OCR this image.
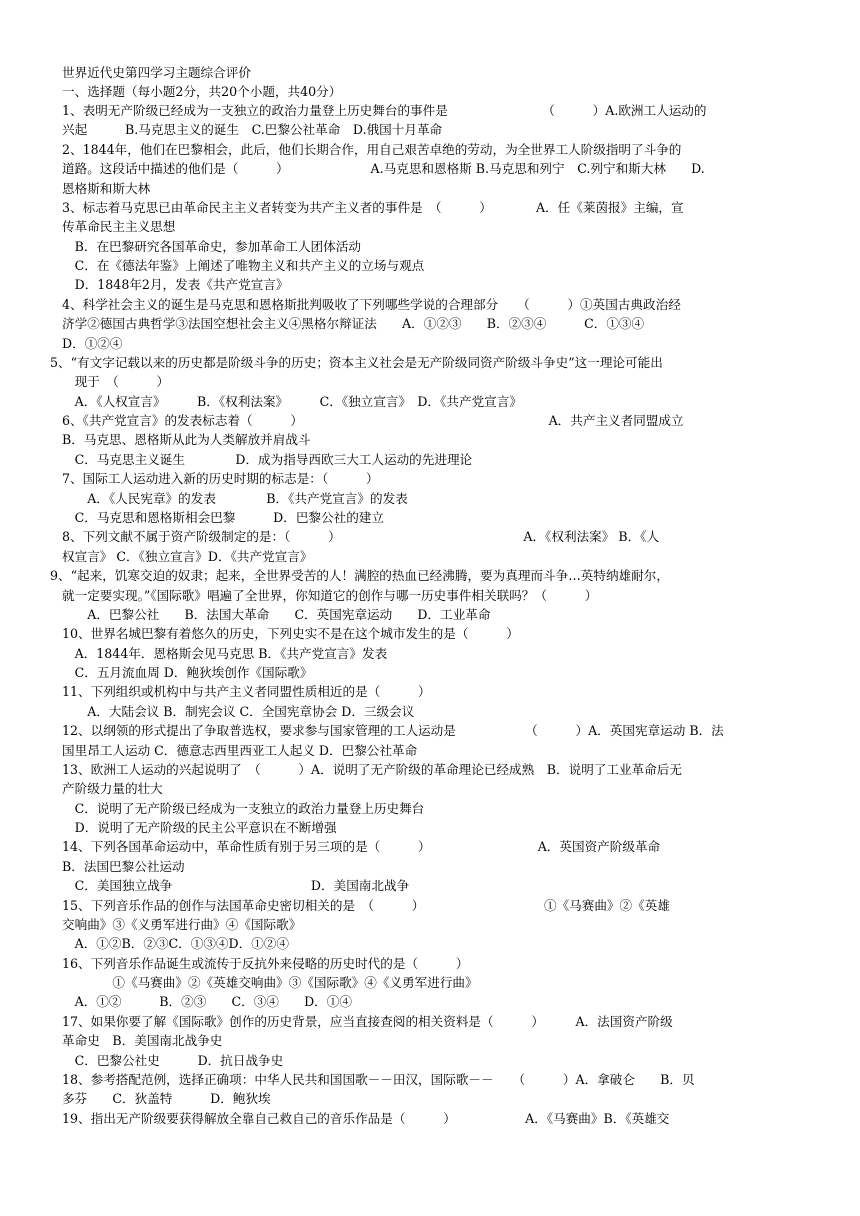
世界近代史第四学习主题综合评价
一、选择题（每小题2分，共20个小题，共40分）
1、表明无产阶级已经成为一支独立的政治力量登上历史舞台的事件是　　　　　　　　（　　　）A.欧洲工人运动的
兴起　　　B.马克思主义的诞生　C.巴黎公社革命　D.俄国十月革命
2、1844年，他们在巴黎相会，此后，他们长期合作，用自己艰苦卓绝的劳动，为全世界工人阶级指明了斗争的
道路。这段话中描述的他们是（　　　）　　　　　　　A.马克思和恩格斯 B.马克思和列宁　C.列宁和斯大林　　D.
恩格斯和斯大林
3、标志着马克思已由革命民主主义者转变为共产主义者的事件是　（　　　）　　　　A．任《莱茵报》主编，宣
传革命民主主义思想
　B．在巴黎研究各国革命史，参加革命工人团体活动
　C．在《德法年鉴》上阐述了唯物主义和共产主义的立场与观点
　D．1848年2月，发表《共产党宣言》
4、科学社会主义的诞生是马克思和恩格斯批判吸收了下列哪些学说的合理部分　　（　　　）①英国古典政治经
济学②德国古典哲学③法国空想社会主义④黑格尔辩证法　　A．①②③　　B．②③④　　　C．①③④
D．①②④
5、“有文字记载以来的历史都是阶级斗争的历史；资本主义社会是无产阶级同资产阶级斗争史”这一理论可能出
　现于　（　　　）
　A．《人权宣言》　　　B．《权利法案》　　　C．《独立宣言》　D．《共产党宣言》
6、《共产党宣言》的发表标志着（　　　）　　　　　　　　　　　　　　　　　　　　A．共产主义者同盟成立
B．马克思、恩格斯从此为人类解放并肩战斗
　C．马克思主义诞生　　　　D．成为指导西欧三大工人运动的先进理论
7、国际工人运动进入新的历史时期的标志是：（　　　）
　　A．《人民宪章》的发表　　　　B．《共产党宣言》的发表
　C．马克思和恩格斯相会巴黎　　　D．巴黎公社的建立
8、下列文献不属于资产阶级制定的是：（　　　）　　　　　　　　　　　　　　　A．《权利法案》 B．《人
权宣言》 C．《独立宣言》D．《共产党宣言》
9、“起来，饥寒交迫的奴隶；起来，全世界受苦的人！满腔的热血已经沸腾，要为真理而斗争…英特纳雄耐尔，
就一定要实现。”《国际歌》唱遍了全世界，你知道它的创作与哪一历史事件相关联吗？（　　　）
　　A．巴黎公社　　B．法国大革命　　C．英国宪章运动　　D．工业革命
10、世界名城巴黎有着悠久的历史，下列史实不是在这个城市发生的是（　　　）
　A．1844年．恩格斯会见马克思 B．《共产党宣言》发表
　C．五月流血周 D．鲍狄埃创作《国际歌》
11、下列组织或机构中与共产主义者同盟性质相近的是（　　　）
　　A．大陆会议 B．制宪会议 C．全国宪章协会 D．三级会议
12、以纲领的形式提出了争取普选权，要求参与国家管理的工人运动是　　　　　　（　　　）A．英国宪章运动 B．法
国里昂工人运动 C．德意志西里西亚工人起义 D．巴黎公社革命
13、欧洲工人运动的兴起说明了　（　　　）A．说明了无产阶级的革命理论已经成熟　B．说明了工业革命后无
产阶级力量的壮大
　C．说明了无产阶级已经成为一支独立的政治力量登上历史舞台
　D．说明了无产阶级的民主公平意识在不断增强
14、下列各国革命运动中，革命性质有别于另三项的是（　　　）　　　　　　　　　A．英国资产阶级革命
B．法国巴黎公社运动
　C．美国独立战争　　　　　　　　　　　D．美国南北战争
15、下列音乐作品的创作与法国革命史密切相关的是　（　　　）　　　　　　　　　　①《马赛曲》②《英雄
交响曲》③《义勇军进行曲》④《国际歌》
　A．①②B．②③C．①③④D．①②④
16、下列音乐作品诞生或流传于反抗外来侵略的历史时代的是（　　　）
　　　　①《马赛曲》②《英雄交响曲》③《国际歌》④《义勇军进行曲》
　A．①②　　　B．②③　　C．③④　　D．①④
17、如果你要了解《国际歌》创作的历史背景，应当直接查阅的相关资料是（　　　）　　　A．法国资产阶级
革命史　B．美国南北战争史
　C．巴黎公社史　　　D．抗日战争史
18、参考搭配范例，选择正确项：中华人民共和国国歌－－田汉，国际歌－－　　（　　　）A．拿破仑　　B．贝
多芬　　C．狄盖特　　　D．鲍狄埃
19、指出无产阶级要获得解放全靠自己救自己的音乐作品是（　　　）　　　　　　A．《马赛曲》B．《英雄交
